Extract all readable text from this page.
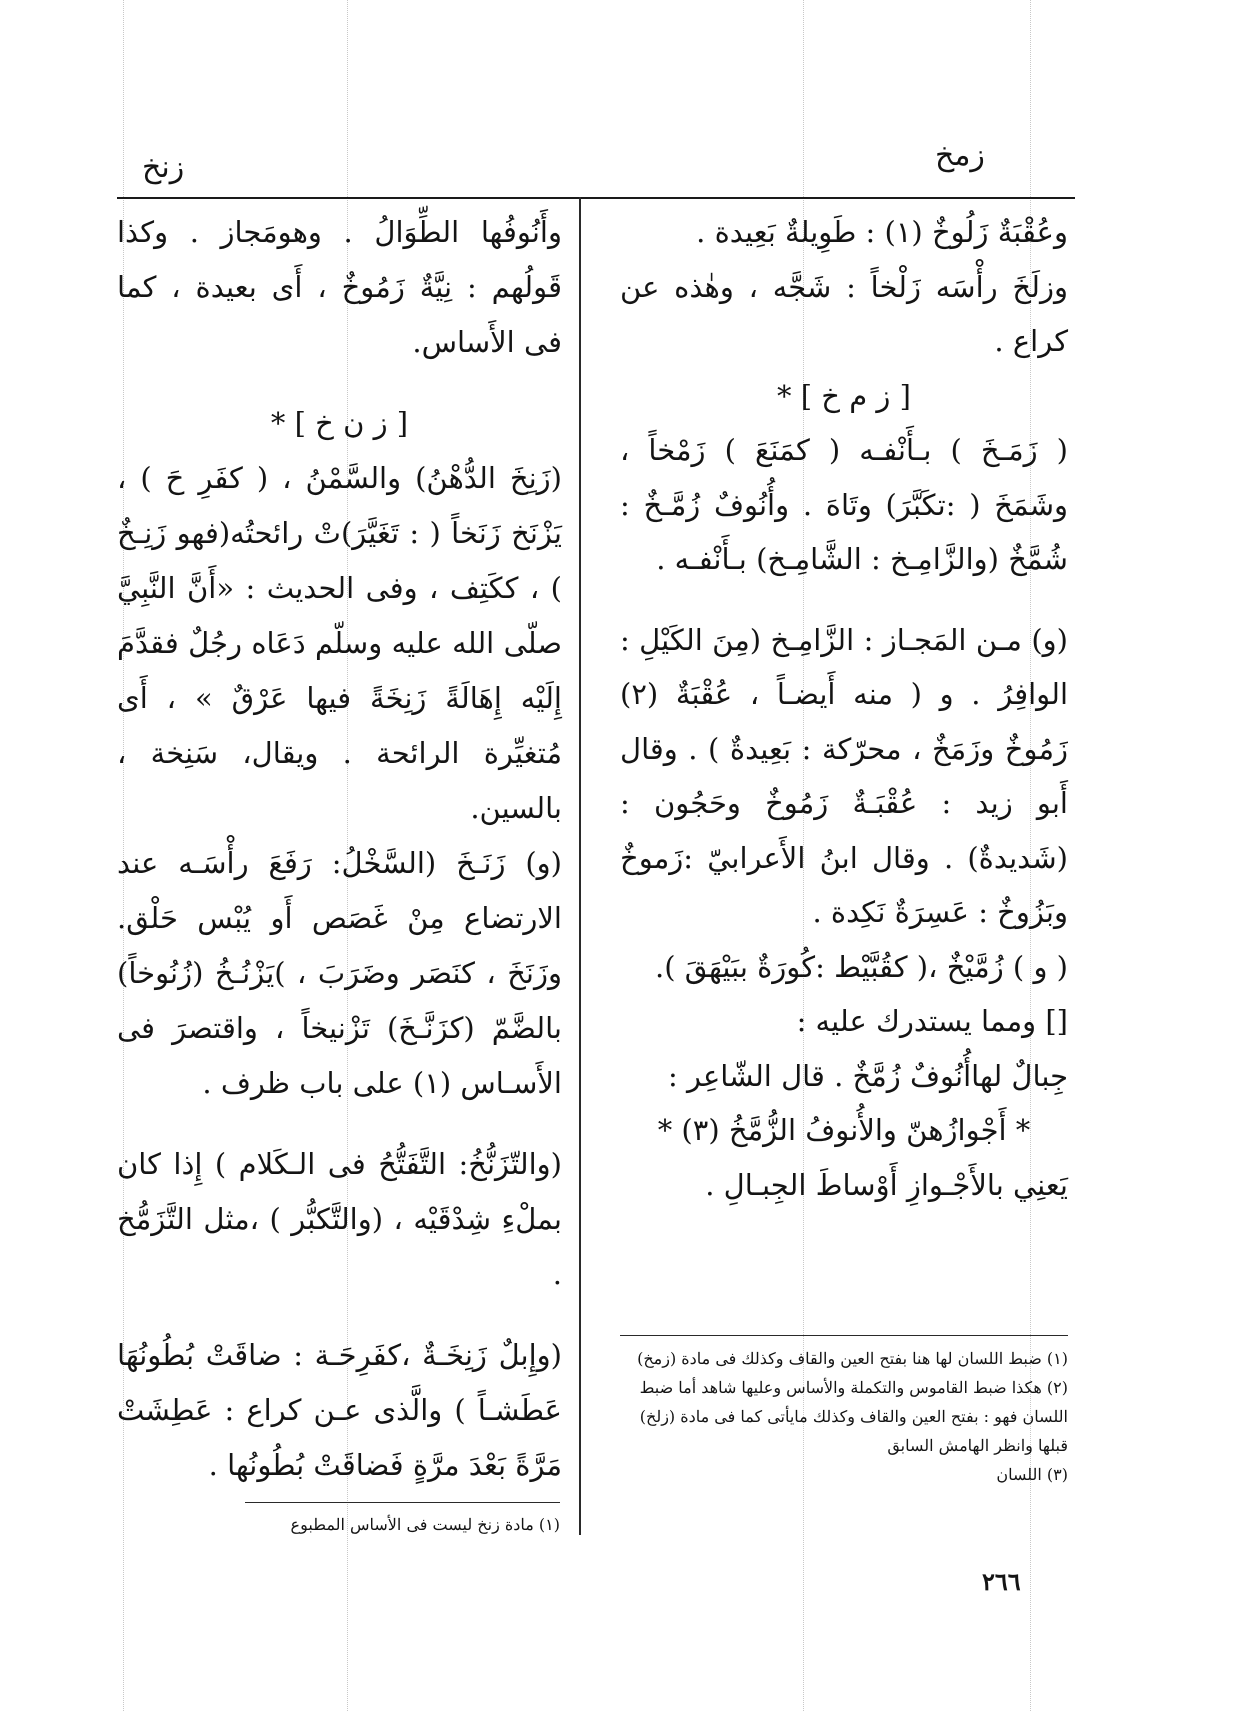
زمخ
زنخ

وعُقْبَةٌ زَلُوخٌ (١) : طَوِيلةٌ بَعِيدة .

وزلَخَ رأْسَه زَلْخاً : شَجَّه ، وهٰذه عن كراع .

[ ز م خ ] *

( زَمَـخَ ) بـأَنْفـه ( كمَنَعَ ) زَمْخاً ، وشَمَخَ ( :تكَبَّرَ) وتَاهَ . وأُنُوفٌ زُمَّـخٌ : شُمَّخٌ (والزَّامِـخ : الشَّامِـخ) بـأَنْفـه .

(و) مـن المَجـاز : الزَّامِـخ (مِنَ الكَيْلِ : الوافِرُ . و ( منه أَيضـاً ، عُقْبَةٌ (٢) زَمُوخٌ وزَمَخٌ ، محرّكة : بَعِيدةٌ ) . وقال أَبو زيد : عُقْبَـةٌ زَمُوخٌ وحَجُون : (شَديدةٌ) . وقال ابنُ الأَعرابيّ :زَموخٌ وبَزُوخٌ : عَسِرَةٌ نَكِدة .

( و ) زُمَّيْخٌ ،( كقُبَّيْط :كُورَةٌ ببَيْهَقَ ).

[] ومما يستدرك عليه :

جِبالٌ لهاأُنُوفٌ زُمَّخٌ . قال الشّاعِر :

* أَجْوازُهنّ والأُنوفُ الزُّمَّخُ (٣) *

يَعنِي بالأَجْـوازِ أَوْساطَ الجِبـالِ .

(١) ضبط اللسان لها هنا بفتح العين والقاف وكذلك فى مادة (زمخ)

(٢) هكذا ضبط القاموس والتكملة والأساس وعليها شاهد أما ضبط اللسان فهو : بفتح العين والقاف وكذلك مايأتى كما فى مادة (زلخ) قبلها وانظر الهامش السابق

(٣) اللسان

وأَنُوفُها الطِّوَالُ . وهومَجاز . وكذا قَولُهم : نِيَّةٌ زَمُوخٌ ، أَى بعيدة ، كما فى الأَساس.

[ ز ن خ ] *

(زَنِخَ الدُّهْنُ) والسَّمْنُ ، ( كفَرِ حَ ) ، يَزْنَخ زَنَخاً ( : تَغَيَّرَ)تْ رائحتُه(فهو زَنِـخٌ ) ، ككَتِف ، وفى الحديث : «أَنَّ النَّبِيَّ صلّى الله عليه وسلّم دَعَاه رجُلٌ فقدَّمَ إِلَيْه إِهَالَةً زَنِخَةً فيها عَرْقٌ » ، أَى مُتغيِّرة الرائحة . ويقال، سَنِخة ، بالسين.

(و) زَنَـخَ (السَّخْلُ: رَفَعَ رأْسَـه عند الارتضاع مِنْ غَصَص أَو يُبْس حَلْق. وزَنَخَ ، كنَصَر وضَرَبَ ، )يَزْنُـخُ (زُنُوخاً) بالضَّمّ (كزَنَّـخَ) تَزْنيخاً ، واقتصرَ فى الأَسـاس (١) على باب ظرف .

(والتّزَنُّخُ: التَّفَتُّحُ فى الـكَلام ) إِذا كان بملْءِ شِدْقَيْه ، (والتَّكبُّر ) ،مثل التَّزَمُّخ .

(وإِبلٌ زَنِخَـةٌ ،كفَرِحَـة : ضاقَتْ بُطُونُهَا عَطَشـاً ) والَّذى عـن كراع : عَطِشَتْ مَرَّةً بَعْدَ مرَّةٍ فَضاقَتْ بُطُونُها .

(١) مادة زنخ ليست فى الأساس المطبوع

٢٦٦
